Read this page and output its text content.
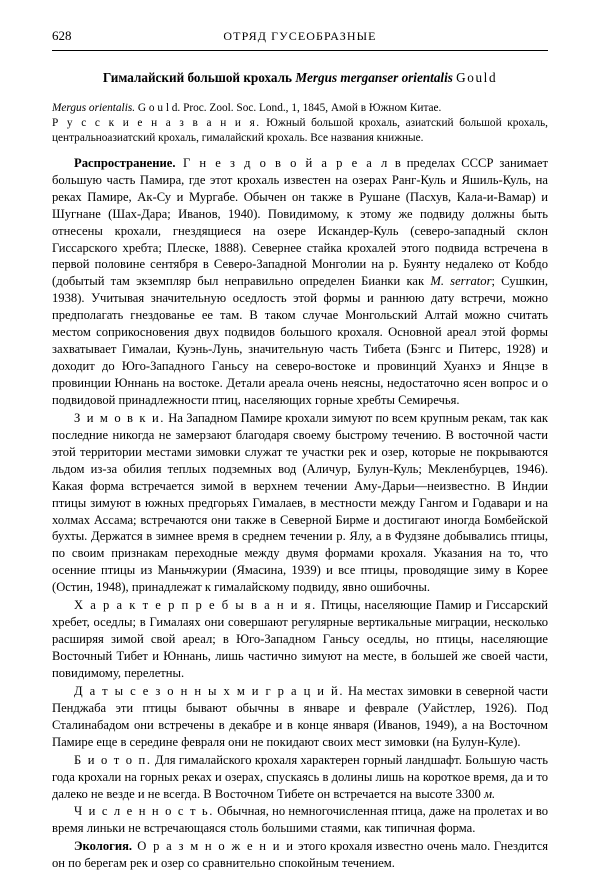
628	ОТРЯД ГУСЕОБРАЗНЫЕ
Гималайский большой крохаль Mergus merganser orientalis Gould
Mergus orientalis. G o u l d. Proc. Zool. Soc. Lond., 1, 1845, Амой в Южном Китае.
Р у с с к и е н а з в а н и я. Южный большой крохаль, азиатский большой крохаль, центральноазиатский крохаль, гималайский крохаль. Все названия книжные.

Распространение. Г н е з д о в о й а р е а л в пределах СССР занимает большую часть Памира, где этот крохаль известен на озерах Ранг-Куль и Яшиль-Куль, на реках Памире, Ак-Су и Мургабе. Обычен он также в Рушане (Пасхув, Кала-и-Вамар) и Шугнане (Шах-Дара; Иванов, 1940). Повидимому, к этому же подвиду должны быть отнесены крохали, гнездящиеся на озере Искандер-Куль (северо-западный склон Гиссарского хребта; Плеске, 1888). Севернее стайка крохалей этого подвида встречена в первой половине сентября в Северо-Западной Монголии на р. Буянту недалеко от Кобдо (добытый там экземпляр был неправильно определен Бианки как M. serrator; Сушкин, 1938). Учитывая значительную оседлость этой формы и раннюю дату встречи, можно предполагать гнездованье ее там. В таком случае Монгольский Алтай можно считать местом соприкосновения двух подвидов большого крохаля. Основной ареал этой формы захватывает Гималаи, Куэнь-Лунь, значительную часть Тибета (Бэнгс и Питерс, 1928) и доходит до Юго-Западного Ганьсу на северо-востоке и провинций Хуанхэ и Янцзе в провинции Юннань на востоке. Детали ареала очень неясны, недостаточно ясен вопрос и о подвидовой принадлежности птиц, населяющих горные хребты Семиречья.

З и м о в к и. На Западном Памире крохали зимуют по всем крупным рекам, так как последние никогда не замерзают благодаря своему быстрому течению. В восточной части этой территории местами зимовки служат те участки рек и озер, которые не покрываются льдом из-за обилия теплых подземных вод (Аличур, Булун-Куль; Мекленбурцев, 1946). Какая форма встречается зимой в верхнем течении Аму-Дарьи—неизвестно. В Индии птицы зимуют в южных предгорьях Гималаев, в местности между Гангом и Годавари и на холмах Ассама; встречаются они также в Северной Бирме и достигают иногда Бомбейской бухты. Держатся в зимнее время в среднем течении р. Ялу, а в Фудзяне добывались птицы, по своим признакам переходные между двумя формами крохаля. Указания на то, что осенние птицы из Маньчжурии (Ямасина, 1939) и все птицы, проводящие зиму в Корее (Остин, 1948), принадлежат к гималайскому подвиду, явно ошибочны.

Х а р а к т е р п р е б ы в а н и я. Птицы, населяющие Памир и Гиссарский хребет, оседлы; в Гималаях они совершают регулярные вертикальные миграции, несколько расширяя зимой свой ареал; в Юго-Западном Ганьсу оседлы, но птицы, населяющие Восточный Тибет и Юннань, лишь частично зимуют на месте, в большей же своей части, повидимому, перелетны.

Д а т ы с е з о н н ы х м и г р а ц и й. На местах зимовки в северной части Пенджаба эти птицы бывают обычны в январе и феврале (Уайстлер, 1926). Под Сталинабадом они встречены в декабре и в конце января (Иванов, 1949), а на Восточном Памире еще в середине февраля они не покидают своих мест зимовки (на Булун-Куле).

Б и о т о п. Для гималайского крохаля характерен горный ландшафт. Большую часть года крохали на горных реках и озерах, спускаясь в долины лишь на короткое время, да и то далеко не везде и не всегда. В Восточном Тибете он встречается на высоте 3300 м.

Ч и с л е н н о с т ь. Обычная, но немногочисленная птица, даже на пролетах и во время линьки не встречающаяся столь большими стаями, как типичная форма.

Экология. О р а з м н о ж е н и и этого крохаля известно очень мало. Гнездится он по берегам рек и озер со сравнительно спокойным течением.
